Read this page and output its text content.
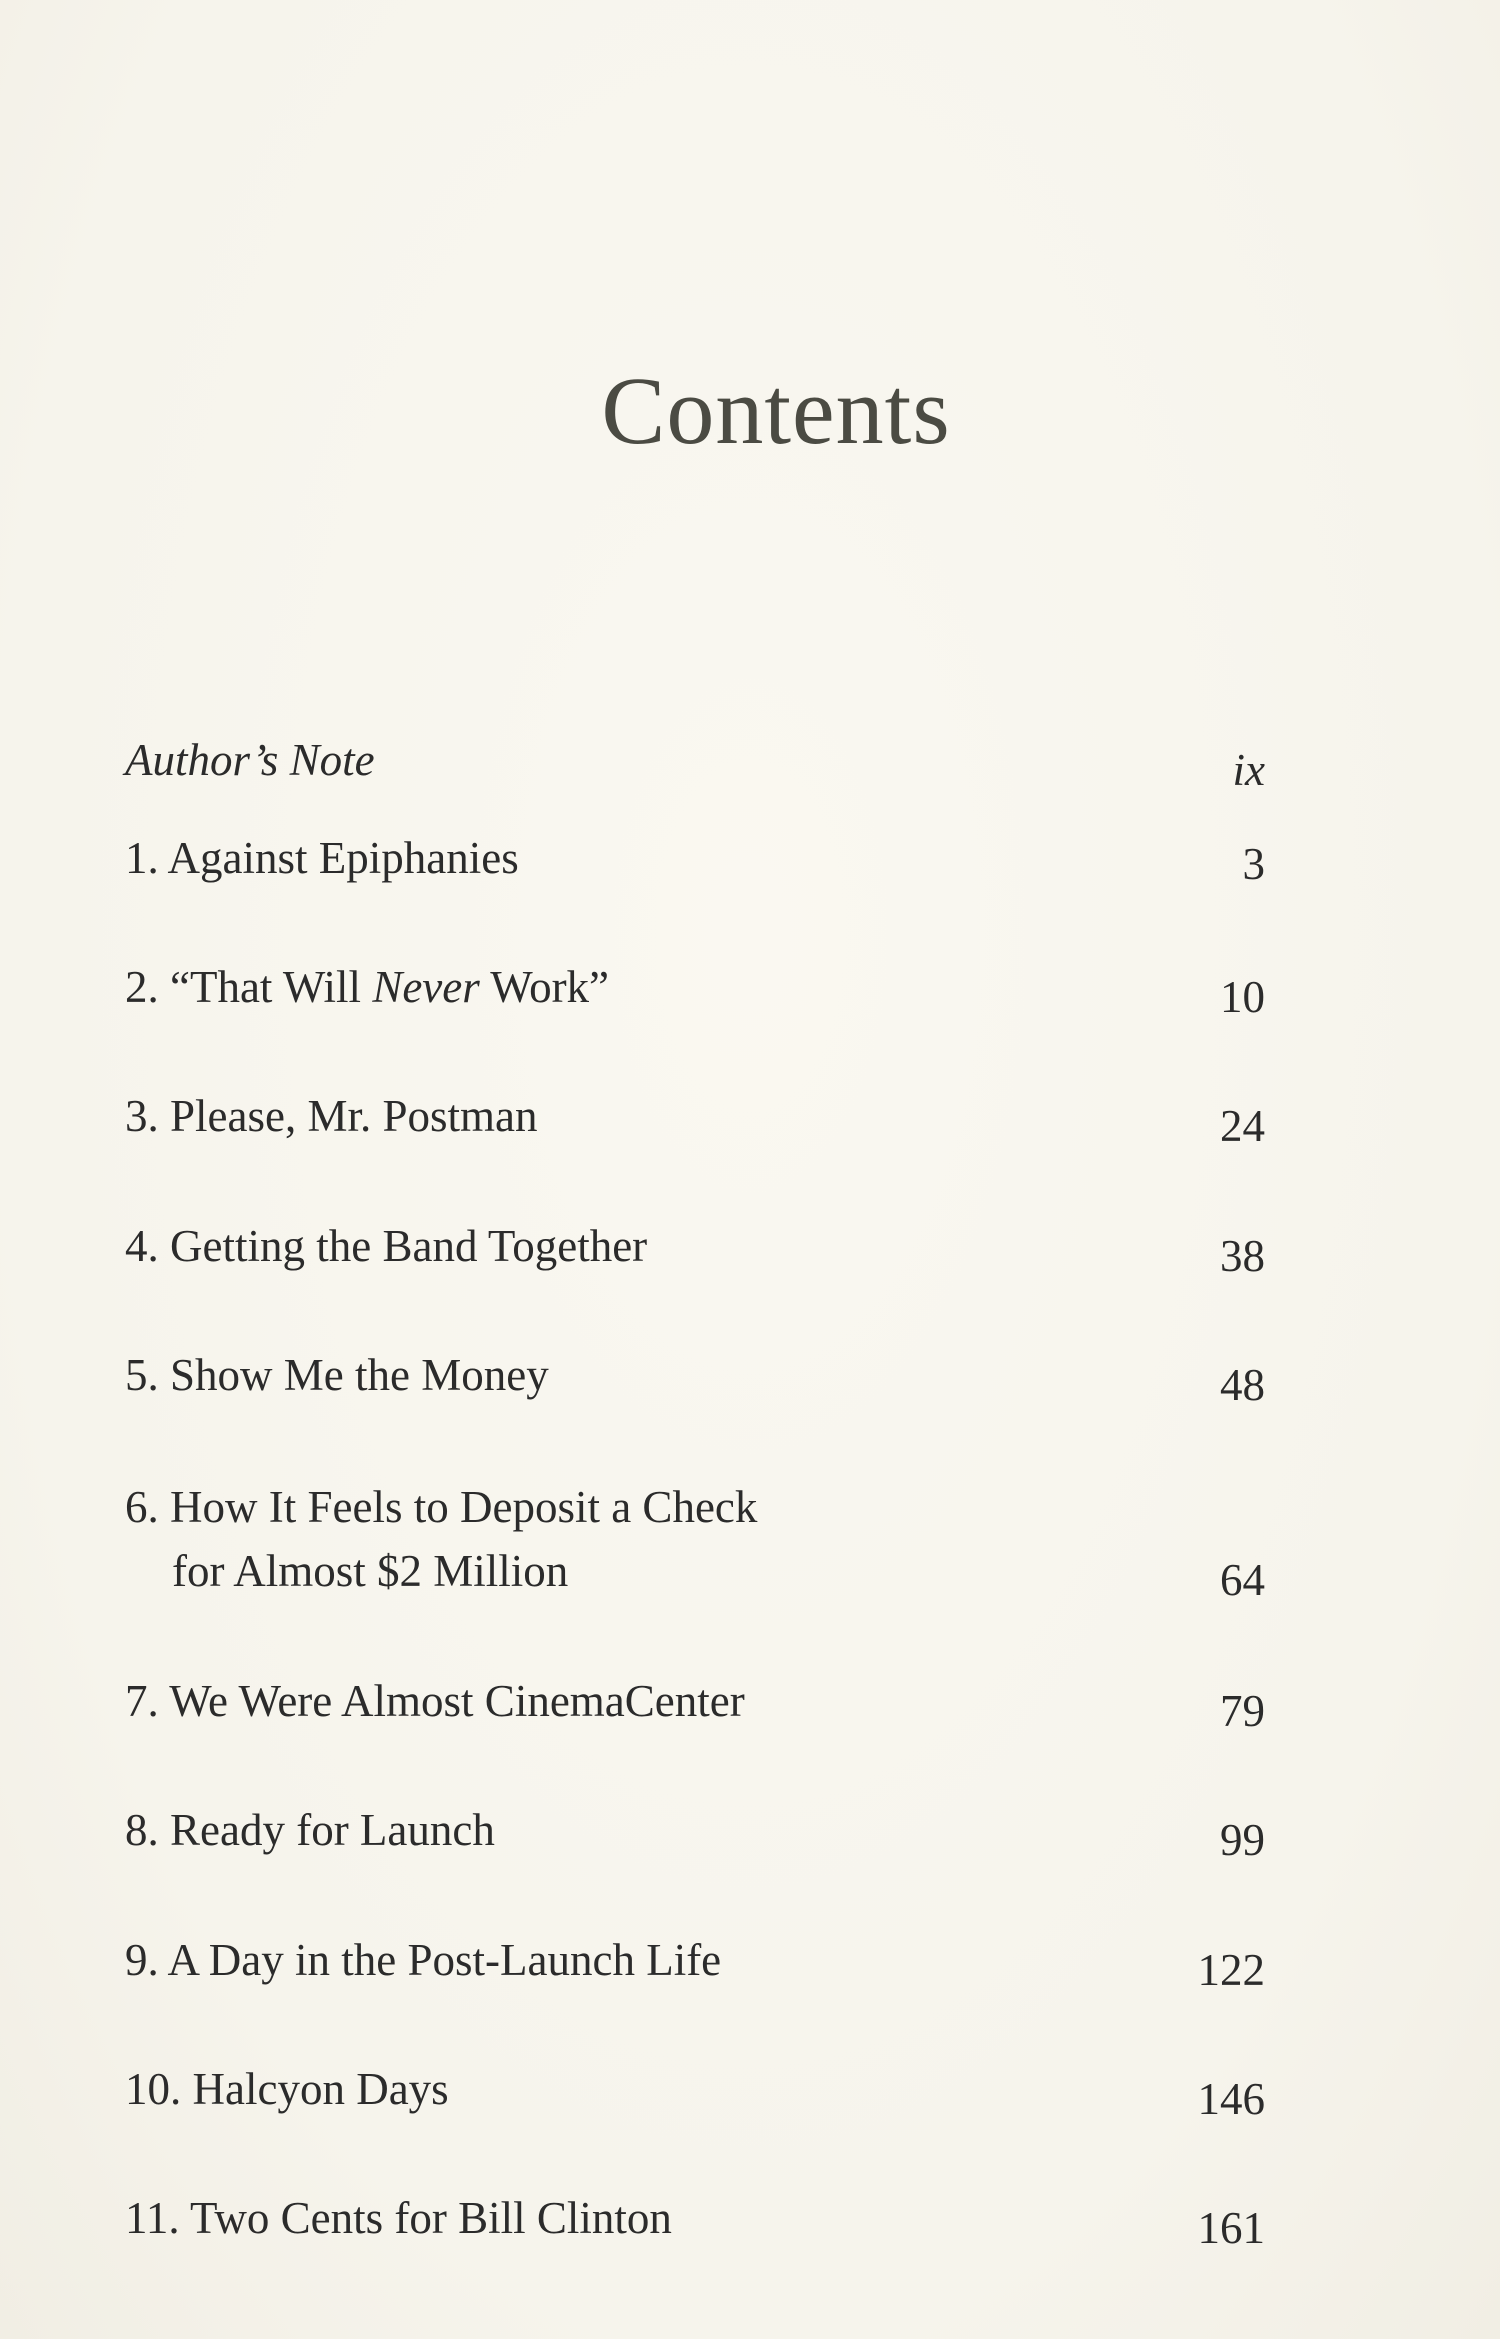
Contents
Author’s Note	ix
1. Against Epiphanies	3
2. “That Will Never Work”	10
3. Please, Mr. Postman	24
4. Getting the Band Together	38
5. Show Me the Money	48
6. How It Feels to Deposit a Check
for Almost $2 Million	64
7. We Were Almost CinemaCenter	79
8. Ready for Launch	99
9. A Day in the Post-Launch Life	122
10. Halcyon Days	146
11. Two Cents for Bill Clinton	161
